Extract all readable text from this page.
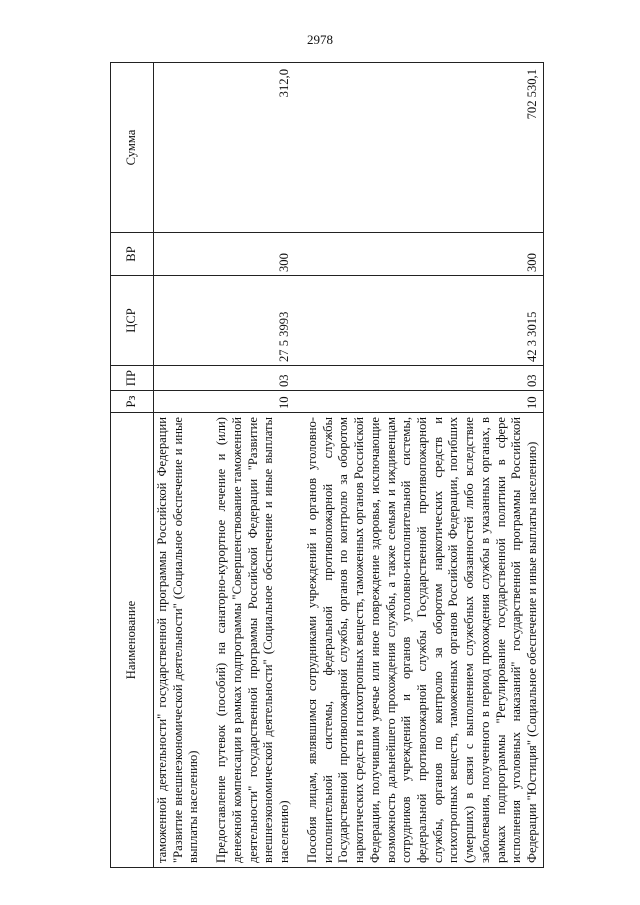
2978
Наименование	Рз	ПР	ЦСР	ВР	Сумма
таможенной деятельности" государственной программы Российской Федерации "Развитие внешнеэкономической деятельности" (Социальное обеспечение и иные выплаты населению)					
Предоставление путевок (пособий) на санаторно-курортное лечение и (или) денежной компенсации в рамках подпрограммы "Совершенствование таможенной деятельности" государственной программы Российской Федерации "Развитие внешнеэкономической деятельности" (Социальное обеспечение и иные выплаты населению)	10	03	27 5 3993	300	312,0
Пособия лицам, являвшимся сотрудниками учреждений и органов уголовно-исполнительной системы, федеральной противопожарной службы Государственной противопожарной службы, органов по контролю за оборотом наркотических средств и психотропных веществ, таможенных органов Российской Федерации, получившим увечье или иное повреждение здоровья, исключающие возможность дальнейшего прохождения службы, а также семьям и иждивенцам сотрудников учреждений и органов уголовно-исполнительной системы, федеральной противопожарной службы Государственной противопожарной службы, органов по контролю за оборотом наркотических средств и психотропных веществ, таможенных органов Российской Федерации, погибших (умерших) в связи с выполнением служебных обязанностей либо вследствие заболевания, полученного в период прохождения службы в указанных органах, в рамках подпрограммы "Регулирование государственной политики в сфере исполнения уголовных наказаний" государственной программы Российской Федерации "Юстиция" (Социальное обеспечение и иные выплаты населению)	10	03	42 3 3015	300	702 530,1
